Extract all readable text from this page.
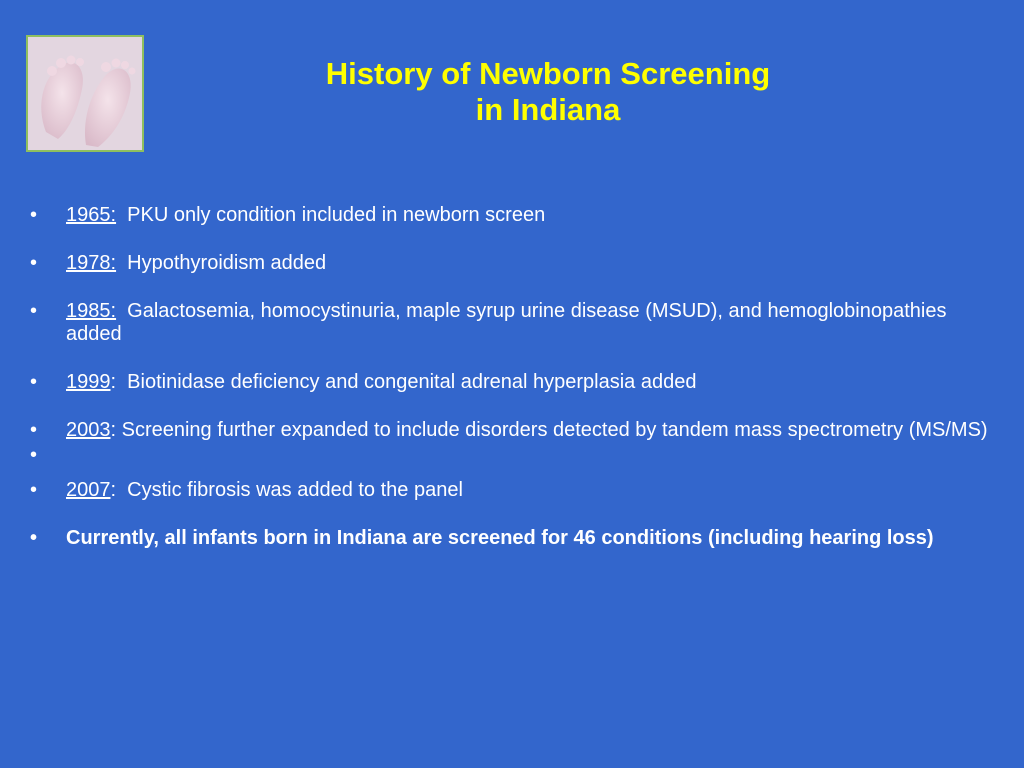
History of Newborn Screening
in Indiana
• 1965:  PKU only condition included in newborn screen
• 1978:  Hypothyroidism added
• 1985:  Galactosemia, homocystinuria, maple syrup urine disease (MSUD), and hemoglobinopathies added
• 1999:  Biotinidase deficiency and congenital adrenal hyperplasia added
• 2003: Screening further expanded to include disorders detected by tandem mass spectrometry (MS/MS)
•
• 2007:  Cystic fibrosis was added to the panel
• Currently, all infants born in Indiana are screened for 46 conditions (including hearing loss)
